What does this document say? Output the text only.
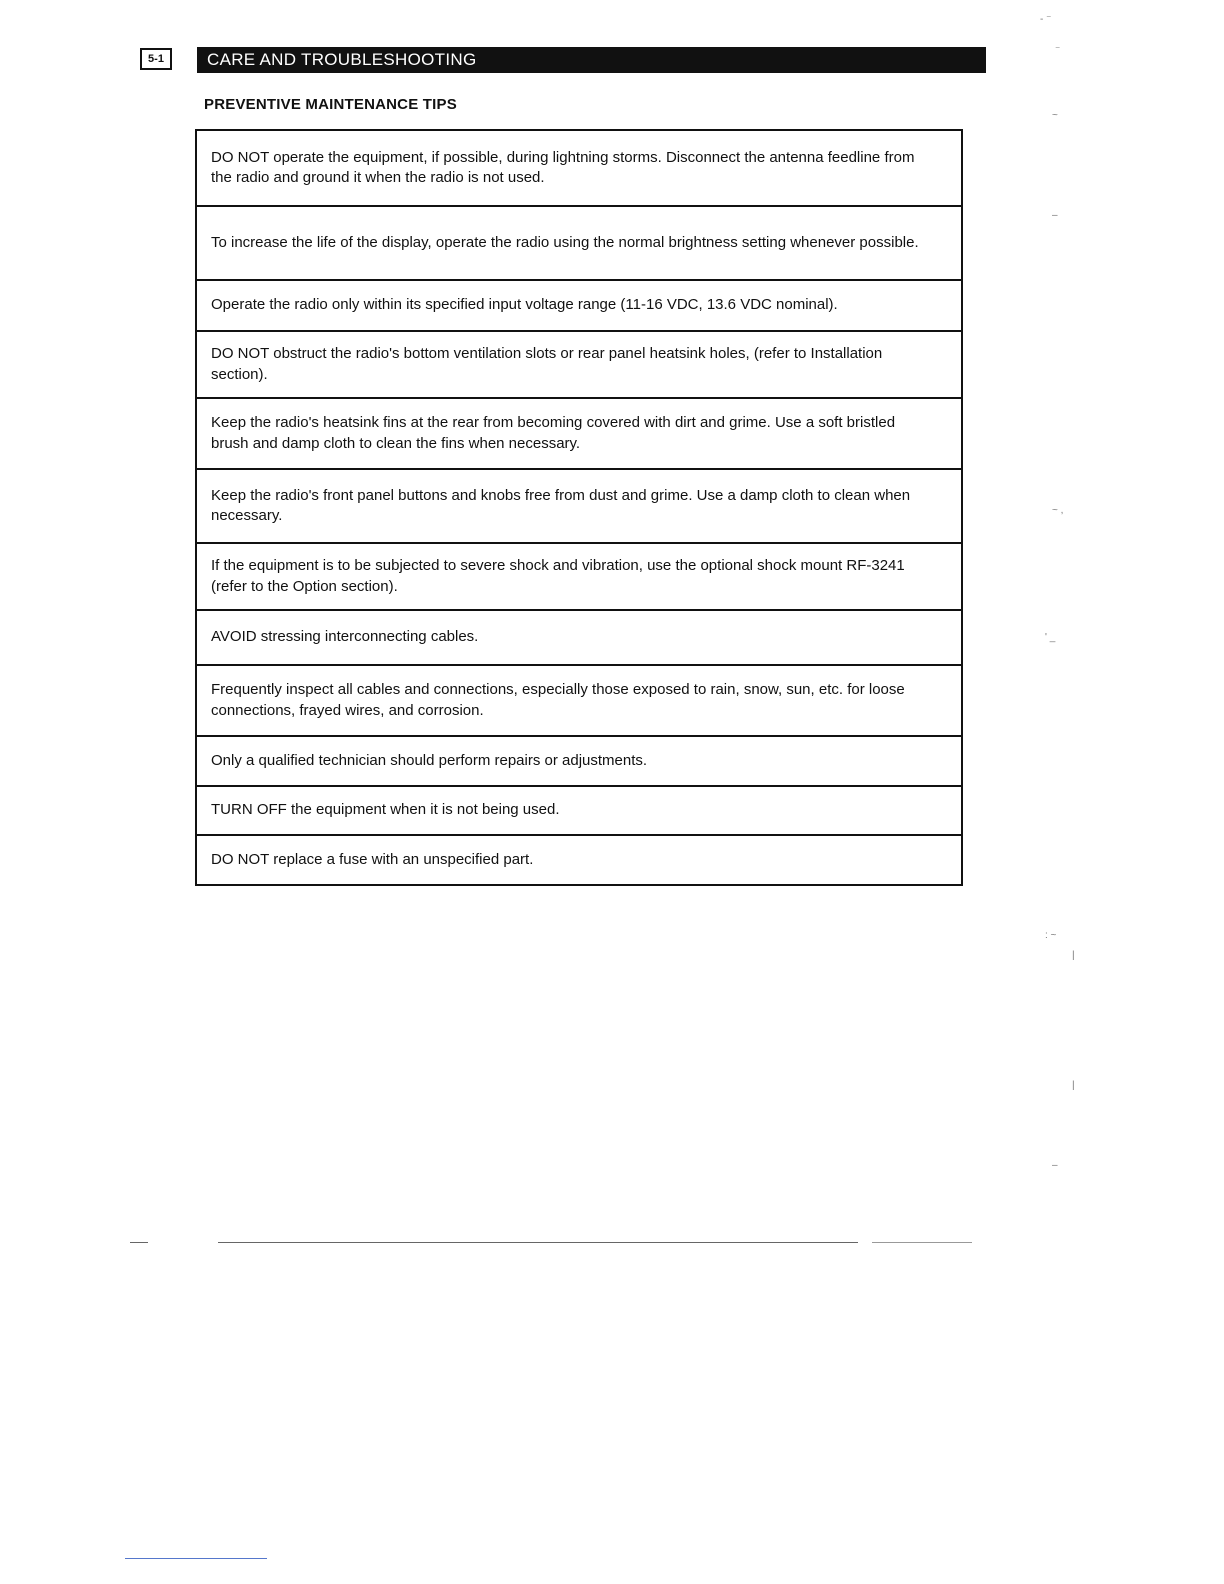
5-1	CARE AND TROUBLESHOOTING
PREVENTIVE MAINTENANCE TIPS
DO NOT operate the equipment, if possible, during lightning storms. Disconnect the antenna feedline from the radio and ground it when the radio is not used.
To increase the life of the display, operate the radio using the normal brightness setting whenever possible.
Operate the radio only within its specified input voltage range (11-16 VDC, 13.6 VDC nominal).
DO NOT obstruct the radio's bottom ventilation slots or rear panel heatsink holes, (refer to Installation section).
Keep the radio's heatsink fins at the rear from becoming covered with dirt and grime. Use a soft bristled brush and damp cloth to clean the fins when necessary.
Keep the radio's front panel buttons and knobs free from dust and grime. Use a damp cloth to clean when necessary.
If the equipment is to be subjected to severe shock and vibration, use the optional shock mount RF-3241 (refer to the Option section).
AVOID stressing interconnecting cables.
Frequently inspect all cables and connections, especially those exposed to rain, snow, sun, etc. for loose connections, frayed wires, and corrosion.
Only a qualified technician should perform repairs or adjustments.
TURN OFF the equipment when it is not being used.
DO NOT replace a fuse with an unspecified part.
- ⁻
⁻
~
–
~ ,
' _
: ~
|
|
–
